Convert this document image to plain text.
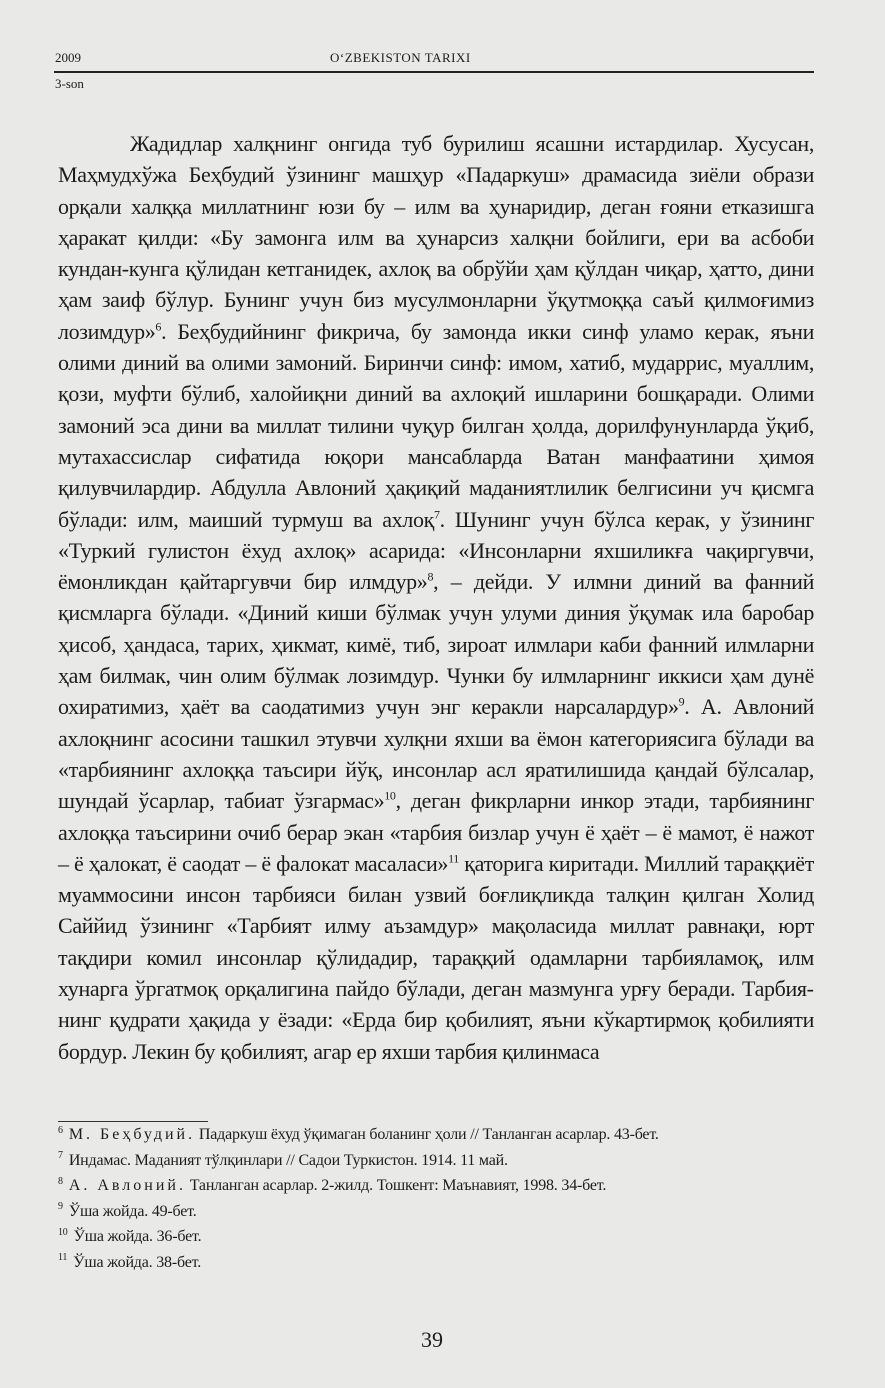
2009	O‘ZBEKISTON TARIXI
3-son

Жадидлар халқнинг онгида туб бурилиш ясашни истардилар. Хусусан, Маҳмудхўжа Беҳбудий ўзининг машҳур «Падаркуш» драмасида зиёли образи орқали халққа миллатнинг юзи бу – илм ва ҳунаридир, деган ғояни етказишга ҳаракат қилди: «Бу замонга илм ва ҳунарсиз халқни бойлиги, ери ва асбоби кундан-кунга қўлидан кетганидек, ахлоқ ва обрўйи ҳам қўлдан чиқар, ҳатто, дини ҳам заиф бўлур. Бунинг учун биз мусулмонларни ўқутмоққа саъй қилмоғимиз лозимдур»$^6$. Беҳбудийнинг фикрича, бу замонда икки синф уламо керак, яъни олими диний ва олими замоний. Биринчи синф: имом, хатиб, мударрис, муаллим, қози, муфти бўлиб, халойиқни диний ва ахлоқий ишларини бошқаради. Олими замоний эса дини ва миллат тилини чуқур билган ҳолда, дорилфунунларда ўқиб, мутахассислар сифатида юқори мансабларда Ватан манфаатини ҳимоя қилувчилардир. Абдулла Авлоний ҳақиқий маданиятлилик белгисини уч қисмга бўлади: илм, маиший турмуш ва ахлоқ$^7$. Шунинг учун бўлса керак, у ўзининг «Туркий гулистон ёхуд ахлоқ» асарида: «Инсонларни яхшиликға чақиргувчи, ёмонликдан қайтаргувчи бир илмдур»$^8$, – дейди. У илмни диний ва фанний қисмларга бўлади. «Диний киши бўлмак учун улуми диния ўқумак ила баробар ҳисоб, ҳандаса, тарих, ҳикмат, кимё, тиб, зироат илмлари каби фанний илмларни ҳам билмак, чин олим бўлмак лозимдур. Чунки бу илмларнинг иккиси ҳам дунё охиратимиз, ҳаёт ва саодатимиз учун энг керакли нарсалардур»$^9$. А. Авлоний ахлоқнинг асосини ташкил этувчи хулқни яхши ва ёмон категориясига бўлади ва «тарбиянинг ахлоққа таъсири йўқ, инсонлар асл яратилишида қандай бўлсалар, шундай ўсарлар, табиат ўзгармас»$^{10}$, деган фикрларни инкор этади, тарбиянинг ахлоққа таъсирини очиб берар экан «тарбия бизлар учун ё ҳаёт – ё мамот, ё нажот – ё ҳалокат, ё саодат – ё фалокат масаласи»$^{11}$ қаторига киритади. Миллий тараққиёт муаммосини инсон тарбияси билан узвий боғлиқликда талқин қилган Холид Саййид ўзининг «Тарбият илму аъзамдур» мақоласида миллат равнақи, юрт тақдири комил инсонлар қўлидадир, тараққий одамларни тарбияламоқ, илм хунарга ўргатмоқ орқалигина пайдо бўлади, деган мазмунга урғу беради. Тарбиянинг қудрати ҳақида у ёзади: «Ерда бир қобилият, яъни кўкартирмоқ қобилияти бордур. Лекин бу қобилият, агар ер яхши тарбия қилинмаса

$^6$ М. Беҳбудий. Падаркуш ёхуд ўқимаган боланинг ҳоли // Танланган асарлар. 43-бет.

$^7$ Индамас. Маданият тўлқинлари // Садои Туркистон. 1914. 11 май.

$^8$ А. Авлоний. Танланган асарлар. 2-жилд. Тошкент: Маънавият, 1998. 34-бет.

$^9$ Ўша жойда. 49-бет.

$^{10}$ Ўша жойда. 36-бет.

$^{11}$ Ўша жойда. 38-бет.

39
